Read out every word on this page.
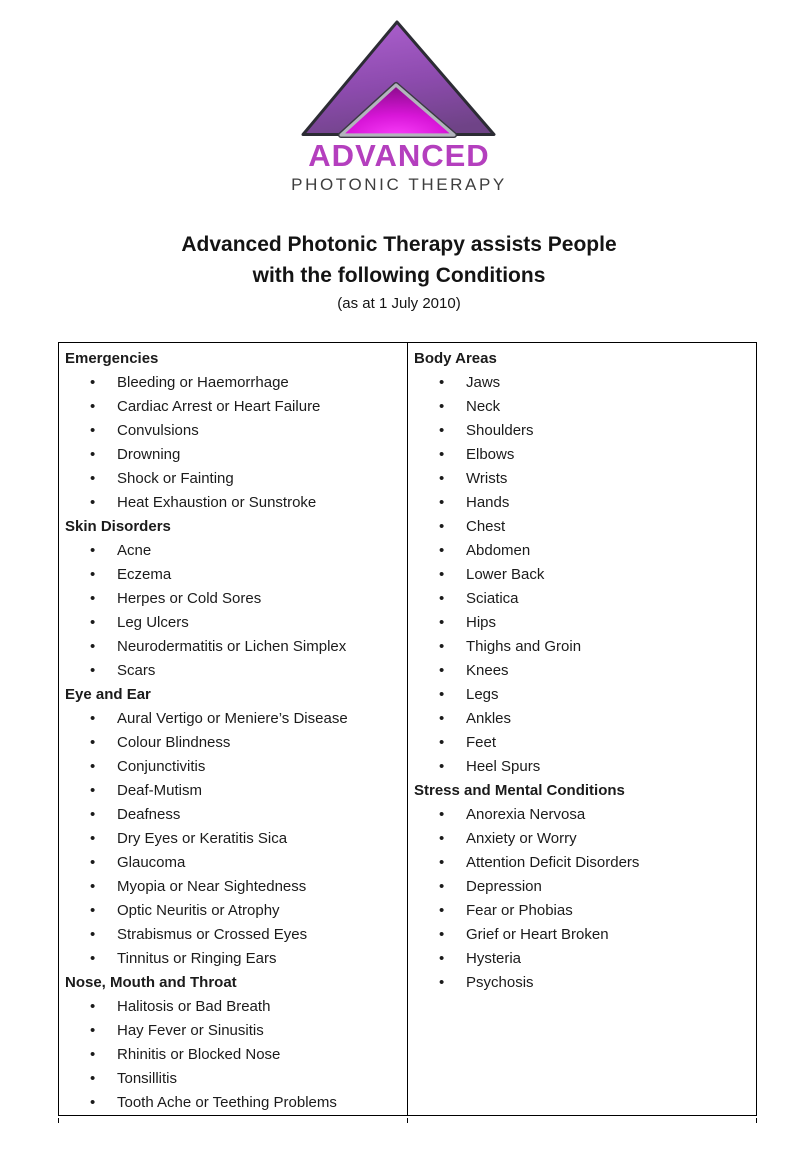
ADVANCED
PHOTONIC THERAPY
Advanced Photonic Therapy assists People
with the following Conditions
(as at 1 July 2010)
Emergencies
• Bleeding or Haemorrhage
• Cardiac Arrest or Heart Failure
• Convulsions
• Drowning
• Shock or Fainting
• Heat Exhaustion or Sunstroke
Skin Disorders
• Acne
• Eczema
• Herpes or Cold Sores
• Leg Ulcers
• Neurodermatitis or Lichen Simplex
• Scars
Eye and Ear
• Aural Vertigo or Meniere’s Disease
• Colour Blindness
• Conjunctivitis
• Deaf-Mutism
• Deafness
• Dry Eyes or Keratitis Sica
• Glaucoma
• Myopia or Near Sightedness
• Optic Neuritis or Atrophy
• Strabismus or Crossed Eyes
• Tinnitus or Ringing Ears
Nose, Mouth and Throat
• Halitosis or Bad Breath
• Hay Fever or Sinusitis
• Rhinitis or Blocked Nose
• Tonsillitis
• Tooth Ache or Teething Problems
Body Areas
• Jaws
• Neck
• Shoulders
• Elbows
• Wrists
• Hands
• Chest
• Abdomen
• Lower Back
• Sciatica
• Hips
• Thighs and Groin
• Knees
• Legs
• Ankles
• Feet
• Heel Spurs
Stress and Mental Conditions
• Anorexia Nervosa
• Anxiety or Worry
• Attention Deficit Disorders
• Depression
• Fear or Phobias
• Grief or Heart Broken
• Hysteria
• Psychosis
